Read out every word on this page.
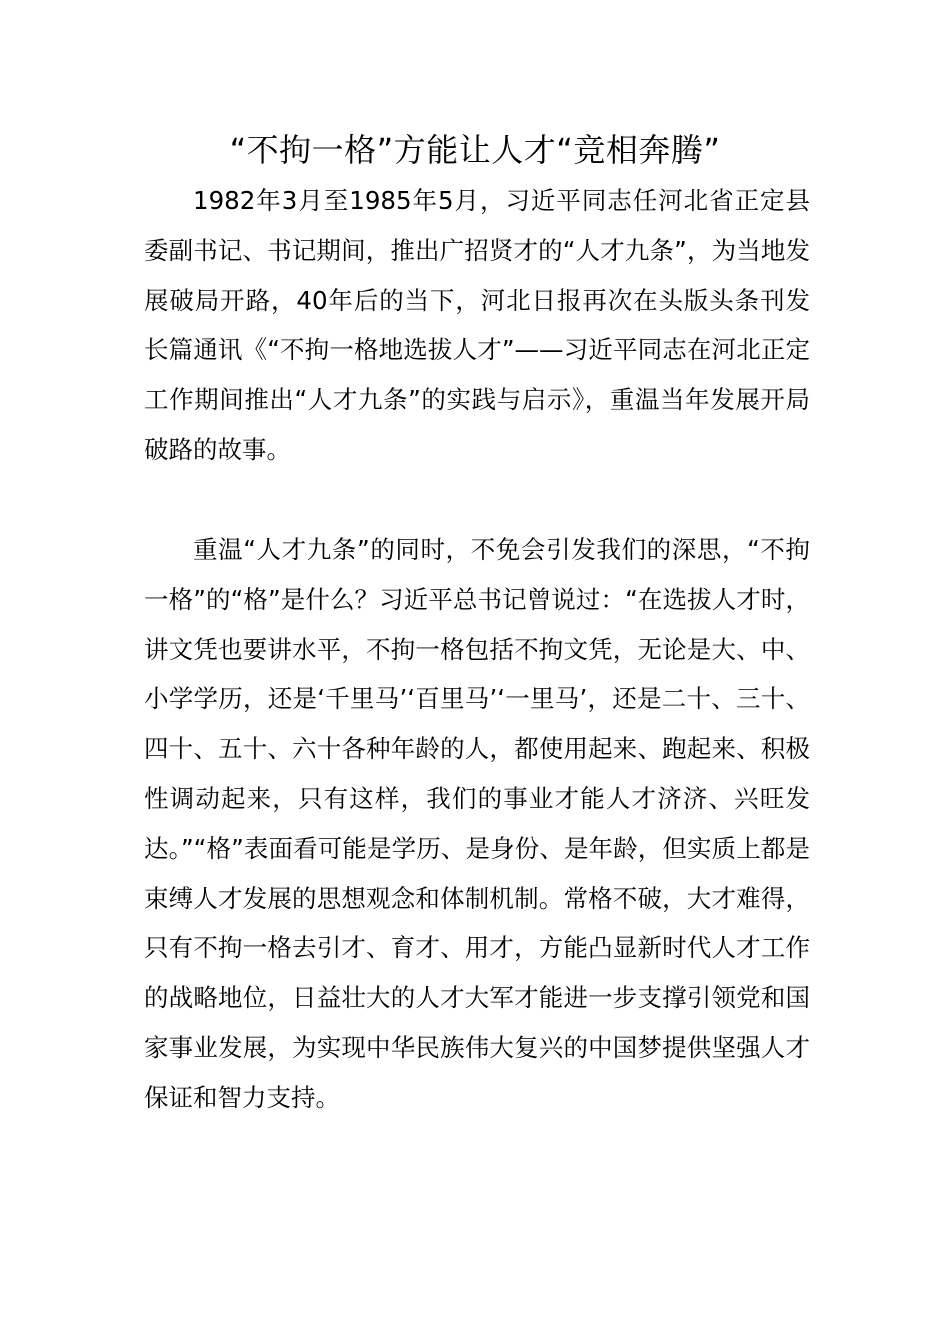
“不拘一格”方能让人才“竞相奔腾”

1982年3月至1985年5月，习近平同志任河北省正定县委副书记、书记期间，推出广招贤才的“人才九条”，为当地发展破局开路，40年后的当下，河北日报再次在头版头条刊发长篇通讯《“不拘一格地选拔人才”——习近平同志在河北正定工作期间推出“人才九条”的实践与启示》，重温当年发展开局破路的故事。

重温“人才九条”的同时，不免会引发我们的深思，“不拘一格”的“格”是什么？习近平总书记曾说过：“在选拔人才时，讲文凭也要讲水平，不拘一格包括不拘文凭，无论是大、中、小学学历，还是‘千里马’‘百里马’‘一里马’，还是二十、三十、四十、五十、六十各种年龄的人，都使用起来、跑起来、积极性调动起来，只有这样，我们的事业才能人才济济、兴旺发达。”“格”表面看可能是学历、是身份、是年龄，但实质上都是束缚人才发展的思想观念和体制机制。常格不破，大才难得，只有不拘一格去引才、育才、用才，方能凸显新时代人才工作的战略地位，日益壮大的人才大军才能进一步支撑引领党和国家事业发展，为实现中华民族伟大复兴的中国梦提供坚强人才保证和智力支持。
